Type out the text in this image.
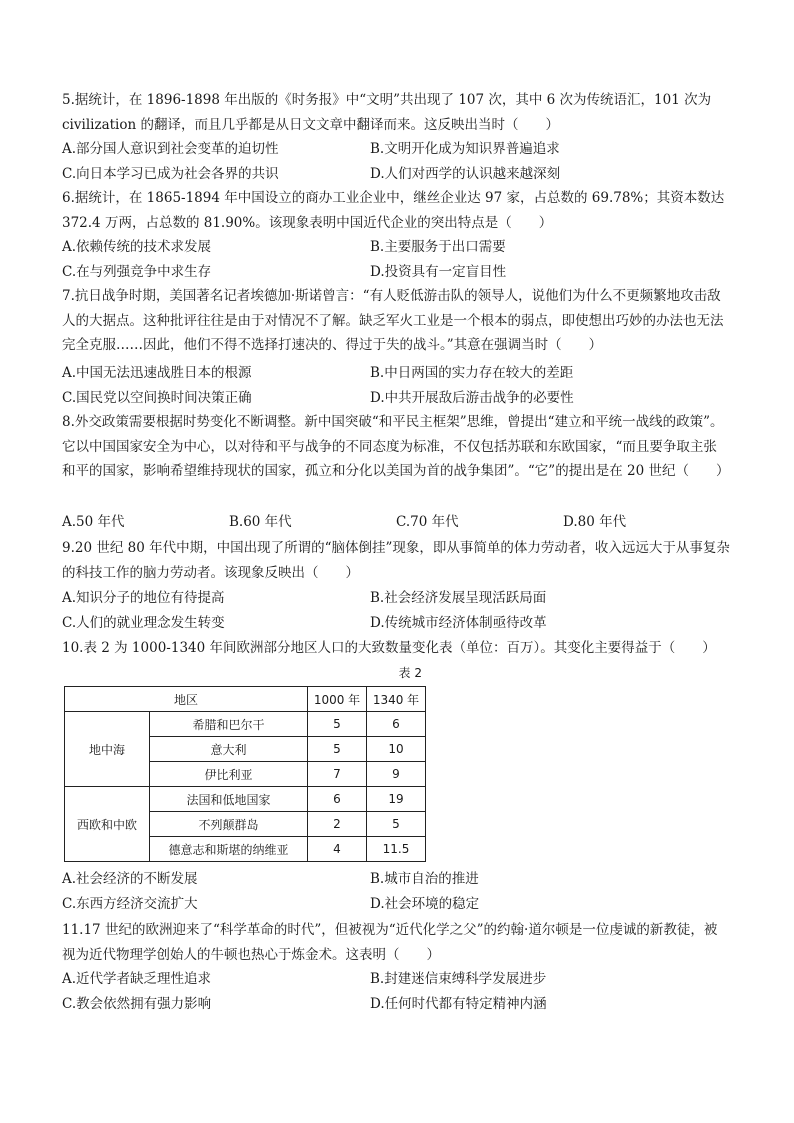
5.据统计，在 1896-1898 年出版的《时务报》中“文明”共出现了 107 次，其中 6 次为传统语汇，101 次为 civilization 的翻译，而且几乎都是从日文文章中翻译而来。这反映出当时（　　）
A.部分国人意识到社会变革的迫切性	B.文明开化成为知识界普遍追求
C.向日本学习已成为社会各界的共识	D.人们对西学的认识越来越深刻
6.据统计，在 1865-1894 年中国设立的商办工业企业中，继丝企业达 97 家，占总数的 69.78%；其资本数达 372.4 万两，占总数的 81.90%。该现象表明中国近代企业的突出特点是（　　）
A.依赖传统的技术求发展	B.主要服务于出口需要
C.在与列强竞争中求生存	D.投资具有一定盲目性
7.抗日战争时期，美国著名记者埃德加·斯诺曾言：“有人贬低游击队的领导人，说他们为什么不更频繁地攻击敌人的大据点。这种批评往往是由于对情况不了解。缺乏军火工业是一个根本的弱点，即使想出巧妙的办法也无法完全克服……因此，他们不得不选择打速决的、得过于失的战斗。”其意在强调当时（　　）
A.中国无法迅速战胜日本的根源	B.中日两国的实力存在较大的差距
C.国民党以空间换时间决策正确	D.中共开展敌后游击战争的必要性
8.外交政策需要根据时势变化不断调整。新中国突破“和平民主框架”思维，曾提出“建立和平统一战线的政策”。它以中国国家安全为中心，以对待和平与战争的不同态度为标准，不仅包括苏联和东欧国家，“而且要争取主张和平的国家，影响希望维持现状的国家，孤立和分化以美国为首的战争集团”。“它”的提出是在 20 世纪（　　）
A.50 年代	B.60 年代	C.70 年代	D.80 年代
9.20 世纪 80 年代中期，中国出现了所谓的“脑体倒挂”现象，即从事简单的体力劳动者，收入远远大于从事复杂的科技工作的脑力劳动者。该现象反映出（　　）
A.知识分子的地位有待提高	B.社会经济发展呈现活跃局面
C.人们的就业理念发生转变	D.传统城市经济体制亟待改革
10.表 2 为 1000-1340 年间欧洲部分地区人口的大致数量变化表（单位：百万）。其变化主要得益于（　　）
表 2
地区		1000 年	1340 年
地中海	希腊和巴尔干	5	6
	意大利	5	10
	伊比利亚	7	9
西欧和中欧	法国和低地国家	6	19
	不列颠群岛	2	5
	德意志和斯堪的纳维亚	4	11.5
A.社会经济的不断发展	B.城市自治的推进
C.东西方经济交流扩大	D.社会环境的稳定
11.17 世纪的欧洲迎来了“科学革命的时代”，但被视为“近代化学之父”的约翰·道尔顿是一位虔诚的新教徒，被视为近代物理学创始人的牛顿也热心于炼金术。这表明（　　）
A.近代学者缺乏理性追求	B.封建迷信束缚科学发展进步
C.教会依然拥有强力影响	D.任何时代都有特定精神内涵
